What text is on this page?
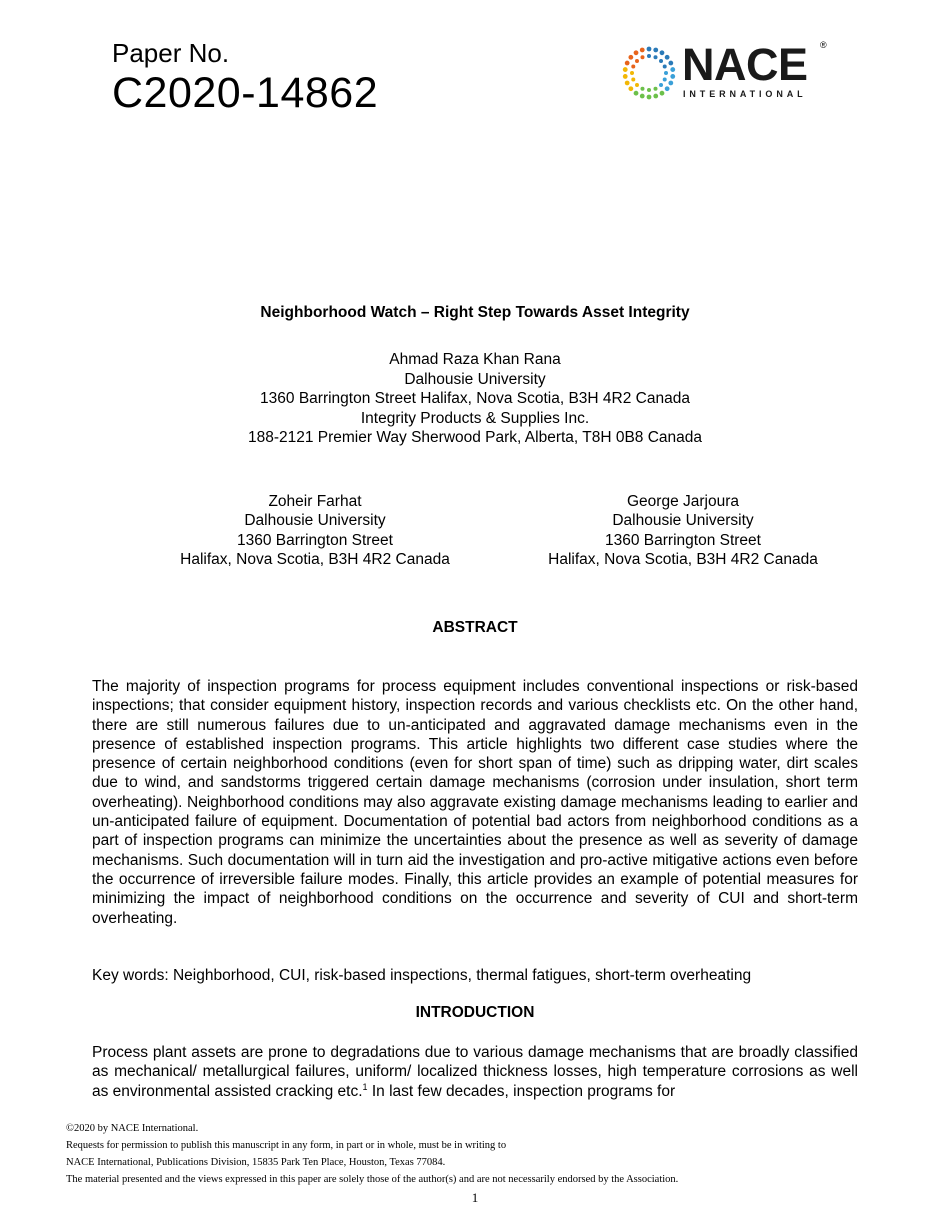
Paper No.
C2020-14862
NACE ®
INTERNATIONAL
Neighborhood Watch – Right Step Towards Asset Integrity
Ahmad Raza Khan Rana
Dalhousie University
1360 Barrington Street Halifax, Nova Scotia, B3H 4R2 Canada
Integrity Products & Supplies Inc.
188-2121 Premier Way Sherwood Park, Alberta, T8H 0B8 Canada
Zoheir Farhat
Dalhousie University
1360 Barrington Street
Halifax, Nova Scotia, B3H 4R2 Canada
George Jarjoura
Dalhousie University
1360 Barrington Street
Halifax, Nova Scotia, B3H 4R2 Canada
ABSTRACT
The majority of inspection programs for process equipment includes conventional inspections or risk-based inspections; that consider equipment history, inspection records and various checklists etc. On the other hand, there are still numerous failures due to un-anticipated and aggravated damage mechanisms even in the presence of established inspection programs. This article highlights two different case studies where the presence of certain neighborhood conditions (even for short span of time) such as dripping water, dirt scales due to wind, and sandstorms triggered certain damage mechanisms (corrosion under insulation, short term overheating). Neighborhood conditions may also aggravate existing damage mechanisms leading to earlier and un-anticipated failure of equipment. Documentation of potential bad actors from neighborhood conditions as a part of inspection programs can minimize the uncertainties about the presence as well as severity of damage mechanisms. Such documentation will in turn aid the investigation and pro-active mitigative actions even before the occurrence of irreversible failure modes. Finally, this article provides an example of potential measures for minimizing the impact of neighborhood conditions on the occurrence and severity of CUI and short-term overheating.
Key words: Neighborhood, CUI, risk-based inspections, thermal fatigues, short-term overheating
INTRODUCTION
Process plant assets are prone to degradations due to various damage mechanisms that are broadly classified as mechanical/ metallurgical failures, uniform/ localized thickness losses, high temperature corrosions as well as environmental assisted cracking etc.$^1$ In last few decades, inspection programs for
©2020 by NACE International.
Requests for permission to publish this manuscript in any form, in part or in whole, must be in writing to
NACE International, Publications Division, 15835 Park Ten Place, Houston, Texas 77084.
The material presented and the views expressed in this paper are solely those of the author(s) and are not necessarily endorsed by the Association.
1
